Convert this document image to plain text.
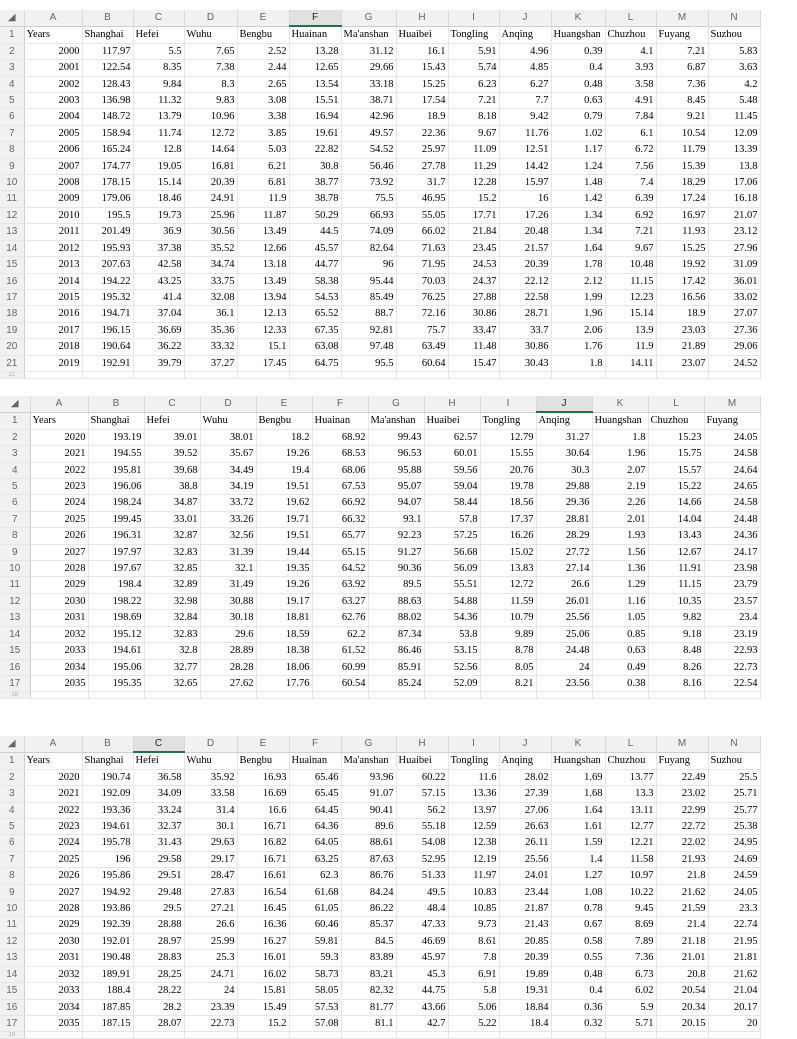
◢	A	B	C	D	E	F	G	H	I	J	K	L	M	N
1	Years	Shanghai	Hefei	Wuhu	Bengbu	Huainan	Ma'anshan	Huaibei	Tongling	Anqing	Huangshan	Chuzhou	Fuyang	Suzhou
2	2000	117.97	5.5	7.65	2.52	13.28	31.12	16.1	5.91	4.96	0.39	4.1	7.21	5.83
3	2001	122.54	8.35	7.38	2.44	12.65	29.66	15.43	5.74	4.85	0.4	3.93	6.87	3.63
4	2002	128.43	9.84	8.3	2.65	13.54	33.18	15.25	6.23	6.27	0.48	3.58	7.36	4.2
5	2003	136.98	11.32	9.83	3.08	15.51	38.71	17.54	7.21	7.7	0.63	4.91	8.45	5.48
6	2004	148.72	13.79	10.96	3.38	16.94	42.96	18.9	8.18	9.42	0.79	7.84	9.21	11.45
7	2005	158.94	11.74	12.72	3.85	19.61	49.57	22.36	9.67	11.76	1.02	6.1	10.54	12.09
8	2006	165.24	12.8	14.64	5.03	22.82	54.52	25.97	11.09	12.51	1.17	6.72	11.79	13.39
9	2007	174.77	19.05	16.81	6.21	30.8	56.46	27.78	11.29	14.42	1.24	7.56	15.39	13.8
10	2008	178.15	15.14	20.39	6.81	38.77	73.92	31.7	12.28	15.97	1.48	7.4	18.29	17.06
11	2009	179.06	18.46	24.91	11.9	38.78	75.5	46.95	15.2	16	1.42	6.39	17.24	16.18
12	2010	195.5	19.73	25.96	11.87	50.29	66.93	55.05	17.71	17.26	1.34	6.92	16.97	21.07
13	2011	201.49	36.9	30.56	13.49	44.5	74.09	66.02	21.84	20.48	1.34	7.21	11.93	23.12
14	2012	195.93	37.38	35.52	12.66	45.57	82.64	71.63	23.45	21.57	1.64	9.67	15.25	27.96
15	2013	207.63	42.58	34.74	13.18	44.77	96	71.95	24.53	20.39	1.78	10.48	19.92	31.09
16	2014	194.22	43.25	33.75	13.49	58.38	95.44	70.03	24.37	22.12	2.12	11.15	17.42	36.01
17	2015	195.32	41.4	32.08	13.94	54.53	85.49	76.25	27.88	22.58	1.99	12.23	16.56	33.02
18	2016	194.71	37.04	36.1	12.13	65.52	88.7	72.16	30.86	28.71	1.96	15.14	18.9	27.07
19	2017	196.15	36.69	35.36	12.33	67.35	92.81	75.7	33.47	33.7	2.06	13.9	23.03	27.36
20	2018	190.64	36.22	33.32	15.1	63.08	97.48	63.49	11.48	30.86	1.76	11.9	21.89	29.06
21	2019	192.91	39.79	37.27	17.45	64.75	95.5	60.64	15.47	30.43	1.8	14.11	23.07	24.52
22														
◢	A	B	C	D	E	F	G	H	I	J	K	L	M
1	Years	Shanghai	Hefei	Wuhu	Bengbu	Huainan	Ma'anshan	Huaibei	Tongling	Anqing	Huangshan	Chuzhou	Fuyang
2	2020	193.19	39.01	38.01	18.2	68.92	99.43	62.57	12.79	31.27	1.8	15.23	24.05
3	2021	194.55	39.52	35.67	19.26	68.53	96.53	60.01	15.55	30.64	1.96	15.75	24.58
4	2022	195.81	39.68	34.49	19.4	68.06	95.88	59.56	20.76	30.3	2.07	15.57	24.64
5	2023	196.06	38.8	34.19	19.51	67.53	95.07	59.04	19.78	29.88	2.19	15.22	24.65
6	2024	198.24	34.87	33.72	19.62	66.92	94.07	58.44	18.56	29.36	2.26	14.66	24.58
7	2025	199.45	33.01	33.26	19.71	66.32	93.1	57.8	17.37	28.81	2.01	14.04	24.48
8	2026	196.31	32.87	32.56	19.51	65.77	92.23	57.25	16.26	28.29	1.93	13.43	24.36
9	2027	197.97	32.83	31.39	19.44	65.15	91.27	56.68	15.02	27.72	1.56	12.67	24.17
10	2028	197.67	32.85	32.1	19.35	64.52	90.36	56.09	13.83	27.14	1.36	11.91	23.98
11	2029	198.4	32.89	31.49	19.26	63.92	89.5	55.51	12.72	26.6	1.29	11.15	23.79
12	2030	198.22	32.98	30.88	19.17	63.27	88.63	54.88	11.59	26.01	1.16	10.35	23.57
13	2031	198.69	32.84	30.18	18.81	62.76	88.02	54.36	10.79	25.56	1.05	9.82	23.4
14	2032	195.12	32.83	29.6	18.59	62.2	87.34	53.8	9.89	25.06	0.85	9.18	23.19
15	2033	194.61	32.8	28.89	18.38	61.52	86.46	53.15	8.78	24.48	0.63	8.48	22.93
16	2034	195.06	32.77	28.28	18.06	60.99	85.91	52.56	8.05	24	0.49	8.26	22.73
17	2035	195.35	32.65	27.62	17.76	60.54	85.24	52.09	8.21	23.56	0.38	8.16	22.54
18													
◢	A	B	C	D	E	F	G	H	I	J	K	L	M	N
1	Years	Shanghai	Hefei	Wuhu	Bengbu	Huainan	Ma'anshan	Huaibei	Tongling	Anqing	Huangshan	Chuzhou	Fuyang	Suzhou
2	2020	190.74	36.58	35.92	16.93	65.46	93.96	60.22	11.6	28.02	1.69	13.77	22.49	25.5
3	2021	192.09	34.09	33.58	16.69	65.45	91.07	57.15	13.36	27.39	1.68	13.3	23.02	25.71
4	2022	193.36	33.24	31.4	16.6	64.45	90.41	56.2	13.97	27.06	1.64	13.11	22.99	25.77
5	2023	194.61	32.37	30.1	16.71	64.36	89.6	55.18	12.59	26.63	1.61	12.77	22.72	25.38
6	2024	195.78	31.43	29.63	16.82	64.05	88.61	54.08	12.38	26.11	1.59	12.21	22.02	24.95
7	2025	196	29.58	29.17	16.71	63.25	87.63	52.95	12.19	25.56	1.4	11.58	21.93	24.69
8	2026	195.86	29.51	28.47	16.61	62.3	86.76	51.33	11.97	24.01	1.27	10.97	21.8	24.59
9	2027	194.92	29.48	27.83	16.54	61.68	84.24	49.5	10.83	23.44	1.08	10.22	21.62	24.05
10	2028	193.86	29.5	27.21	16.45	61.05	86.22	48.4	10.85	21.87	0.78	9.45	21.59	23.3
11	2029	192.39	28.88	26.6	16.36	60.46	85.37	47.33	9.73	21.43	0.67	8.69	21.4	22.74
12	2030	192.01	28.97	25.99	16.27	59.81	84.5	46.69	8.61	20.85	0.58	7.89	21.18	21.95
13	2031	190.48	28.83	25.3	16.01	59.3	83.89	45.97	7.8	20.39	0.55	7.36	21.01	21.81
14	2032	189.91	28.25	24.71	16.02	58.73	83.21	45.3	6.91	19.89	0.48	6.73	20.8	21.62
15	2033	188.4	28.22	24	15.81	58.05	82.32	44.75	5.8	19.31	0.4	6.02	20.54	21.04
16	2034	187.85	28.2	23.39	15.49	57.53	81.77	43.66	5.06	18.84	0.36	5.9	20.34	20.17
17	2035	187.15	28.07	22.73	15.2	57.08	81.1	42.7	5.22	18.4	0.32	5.71	20.15	20
18														
